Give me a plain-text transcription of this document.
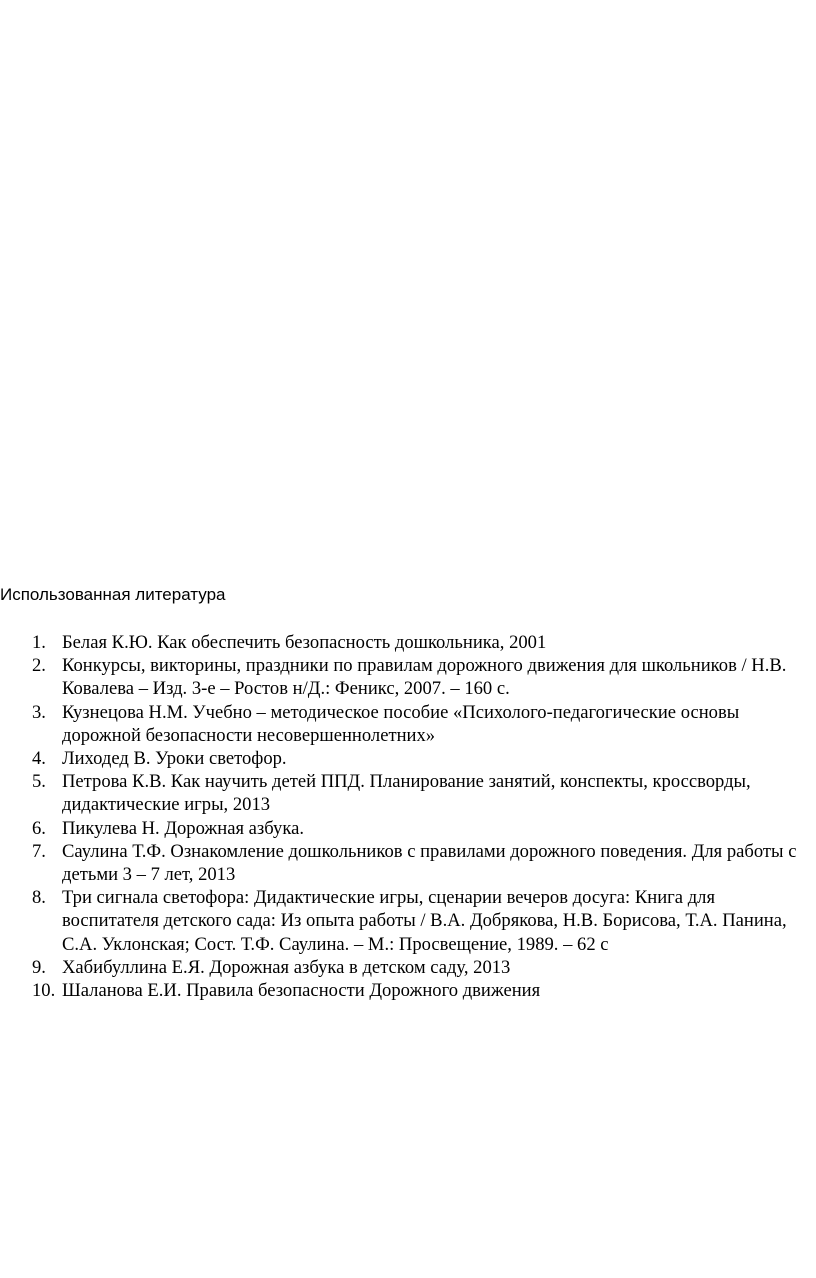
Использованная литература
1. Белая К.Ю. Как обеспечить безопасность дошкольника, 2001
2. Конкурсы, викторины, праздники по правилам дорожного движения для школьников / Н.В. Ковалева – Изд. 3-е – Ростов н/Д.: Феникс, 2007. – 160 с.
3. Кузнецова Н.М. Учебно – методическое пособие «Психолого-педагогические основы дорожной безопасности несовершеннолетних»
4. Лиходед В. Уроки светофор.
5. Петрова К.В. Как научить детей ППД. Планирование занятий, конспекты, кроссворды, дидактические игры, 2013
6. Пикулева Н. Дорожная азбука.
7. Саулина Т.Ф. Ознакомление дошкольников с правилами дорожного поведения. Для работы с детьми 3 – 7 лет, 2013
8. Три сигнала светофора: Дидактические игры, сценарии вечеров досуга: Книга для воспитателя детского сада: Из опыта работы / В.А. Добрякова, Н.В. Борисова, Т.А. Панина, С.А. Уклонская; Сост. Т.Ф. Саулина. – М.: Просвещение, 1989. – 62 с
9. Хабибуллина Е.Я. Дорожная азбука в детском саду, 2013
10. Шаланова Е.И. Правила безопасности Дорожного движения
